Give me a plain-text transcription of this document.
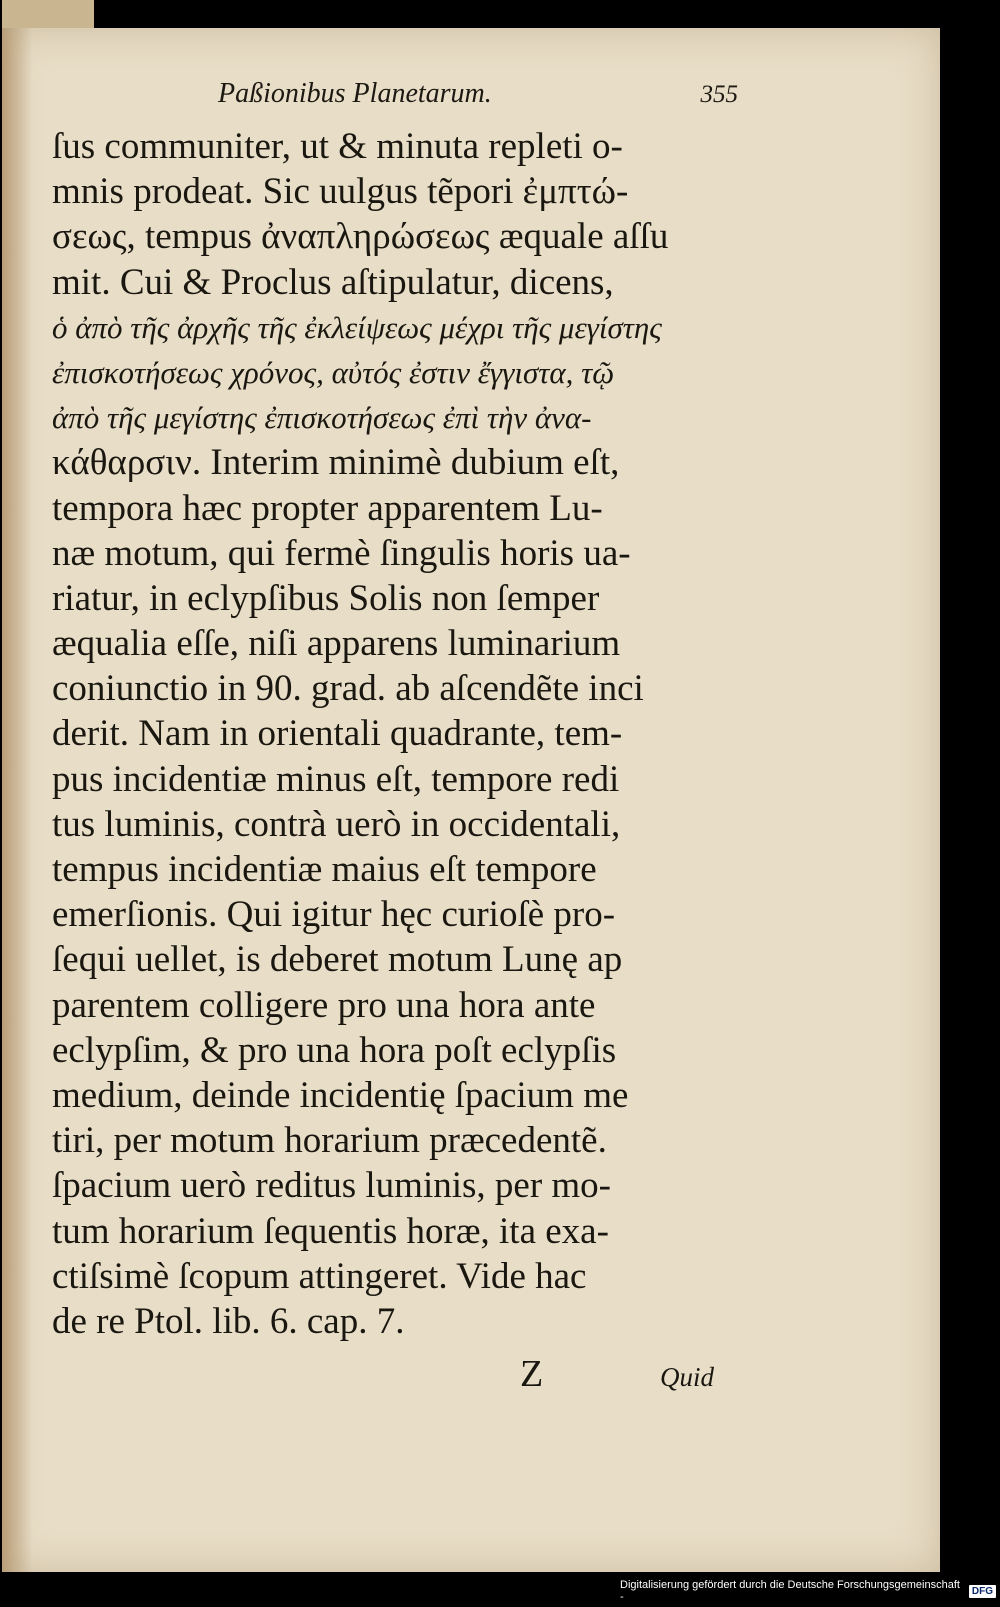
Paßionibus Planetarum.	355
ſus communiter, ut & minuta repleti o-
mnis prodeat. Sic uulgus tẽpori ἐμπτώ-
σεως, tempus ἀναπληρώσεως æquale aſſu
mit. Cui & Proclus aſtipulatur, dicens,
ὁ ἀπὸ τῆς ἀρχῆς τῆς ἐκλείψεως μέχρι τῆς μεγίστης
ἐπισκοτήσεως χρόνος, αὐτός ἐστιν ἔγγιστα, τῷ
ἀπὸ τῆς μεγίστης ἐπισκοτήσεως ἐπὶ τὴν ἀνα-
κάθαρσιν. Interim minimè dubium eſt,
tempora hæc propter apparentem Lu-
næ motum, qui fermè ſingulis horis ua-
riatur, in eclypſibus Solis non ſemper
æqualia eſſe, niſi apparens luminarium
coniunctio in 90. grad. ab aſcendẽte inci
derit. Nam in orientali quadrante, tem-
pus incidentiæ minus eſt, tempore redi
tus luminis, contrà uerò in occidentali,
tempus incidentiæ maius eſt tempore
emerſionis. Qui igitur hęc curioſè pro-
ſequi uellet, is deberet motum Lunę ap
parentem colligere pro una hora ante
eclypſim, & pro una hora poſt eclypſis
medium, deinde incidentię ſpacium me
tiri, per motum horarium præcedentẽ.
ſpacium uerò reditus luminis, per mo-
tum horarium ſequentis horæ, ita exa-
ctiſsimè ſcopum attingeret. Vide hac
de re Ptol. lib. 6. cap. 7.
Z	Quid
Digitalisierung gefördert durch die Deutsche Forschungsgemeinschaft -	DFG
